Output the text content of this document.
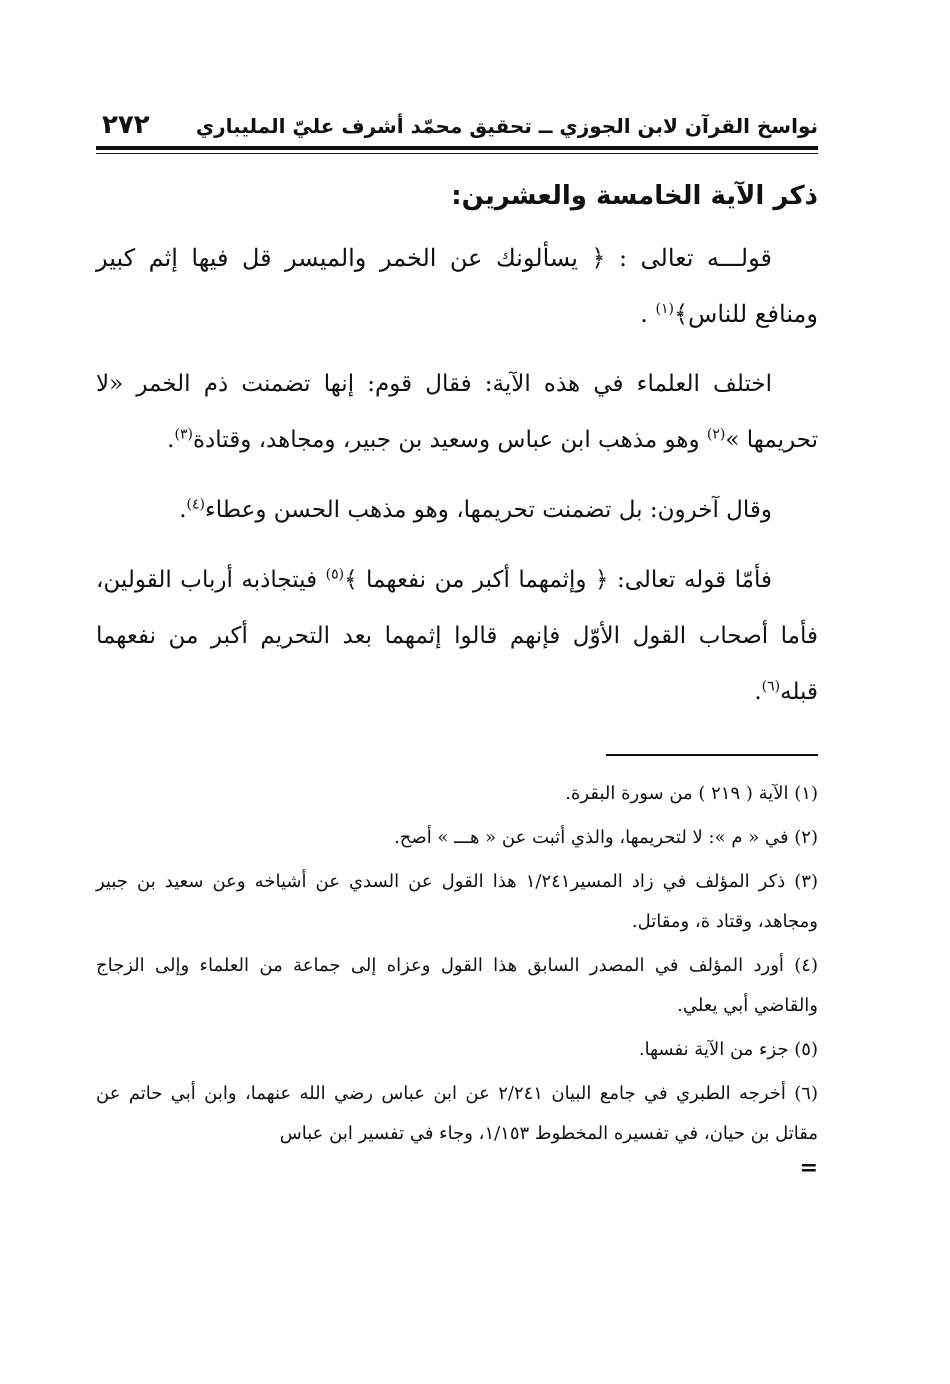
نواسخ القرآن لابن الجوزي ــ تحقيق محمّد أشرف عليّ المليباري
٢٧٢
ذكر الآية الخامسة والعشرين:

قولـــه تعالى : ﴿ يسألونك عن الخمر والميسر قل فيها إثم كبير ومنافع للناس﴾$^{(١)}$ .

اختلف العلماء في هذه الآية: فقال قوم: إنها تضمنت ذم الخمر «لا تحريمها »$^{(٢)}$ وهو مذهب ابن عباس وسعيد بن جبير، ومجاهد، وقتادة$^{(٣)}$.

وقال آخرون: بل تضمنت تحريمها، وهو مذهب الحسن وعطاء$^{(٤)}$.

فأمّا قوله تعالى: ﴿ وإثمهما أكبر من نفعهما ﴾$^{(٥)}$ فيتجاذبه أرباب القولين، فأما أصحاب القول الأوّل فإنهم قالوا إثمهما بعد التحريم أكبر من نفعهما قبله$^{(٦)}$.

(١) الآية ( ٢١٩ ) من سورة البقرة.

(٢) في « م »: لا لتحريمها، والذي أثبت عن « هـــ » أصح.

(٣) ذكر المؤلف في زاد المسير١/٢٤١ هذا القول عن السدي عن أشياخه وعن سعيد بن جبير ومجاهد، وقتاد ة، ومقاتل.

(٤) أورد المؤلف في المصدر السابق هذا القول وعزاه إلى جماعة من العلماء وإلى الزجاج والقاضي أبي يعلي.

(٥) جزء من الآية نفسها.

(٦) أخرجه الطبري في جامع البيان ٢/٢٤١ عن ابن عباس رضي الله عنهما، وابن أبي حاتم عن مقاتل بن حيان، في تفسيره المخطوط ١/١٥٣، وجاء في تفسير ابن عباس

=
